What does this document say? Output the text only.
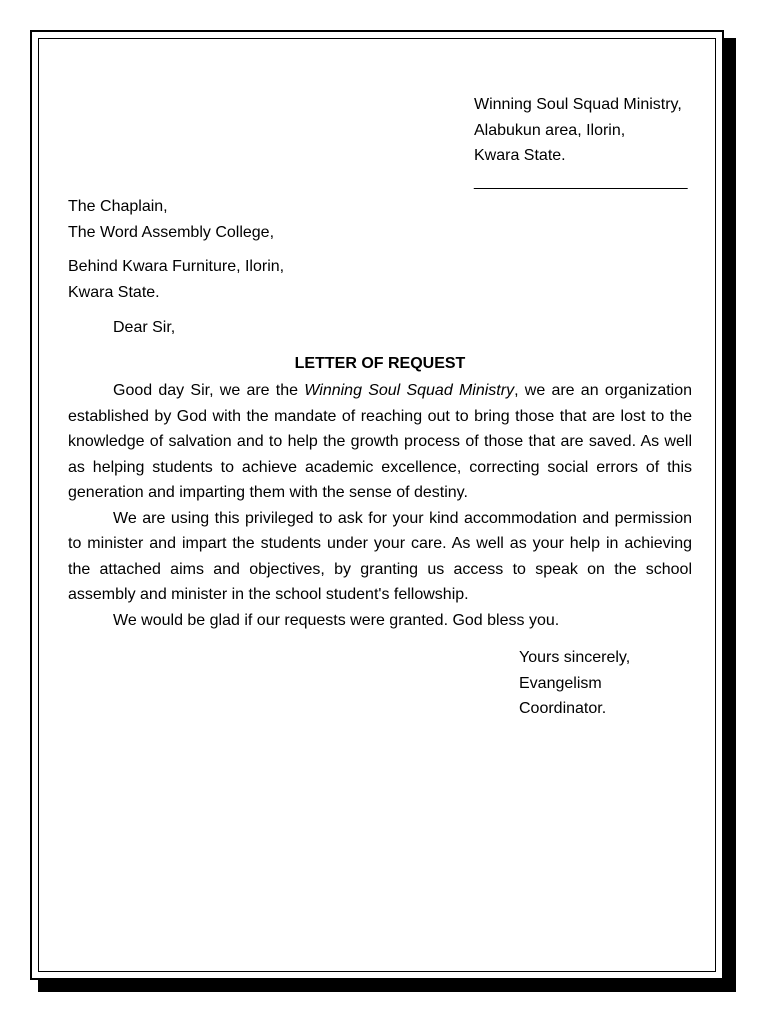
Winning Soul Squad Ministry,
Alabukun area, Ilorin,
Kwara State.
________________________
The Chaplain,
The Word Assembly College,
Behind Kwara Furniture, Ilorin,
Kwara State.
Dear Sir,
LETTER OF REQUEST

Good day Sir, we are the Winning Soul Squad Ministry, we are an organization established by God with the mandate of reaching out to bring those that are lost to the knowledge of salvation and to help the growth process of those that are saved. As well as helping students to achieve academic excellence, correcting social errors of this generation and imparting them with the sense of destiny.

We are using this privileged to ask for your kind accommodation and permission to minister and impart the students under your care. As well as your help in achieving the attached aims and objectives, by granting us access to speak on the school assembly and minister in the school student's fellowship.

We would be glad if our requests were granted. God bless you.

Yours sincerely,
Evangelism
Coordinator.
